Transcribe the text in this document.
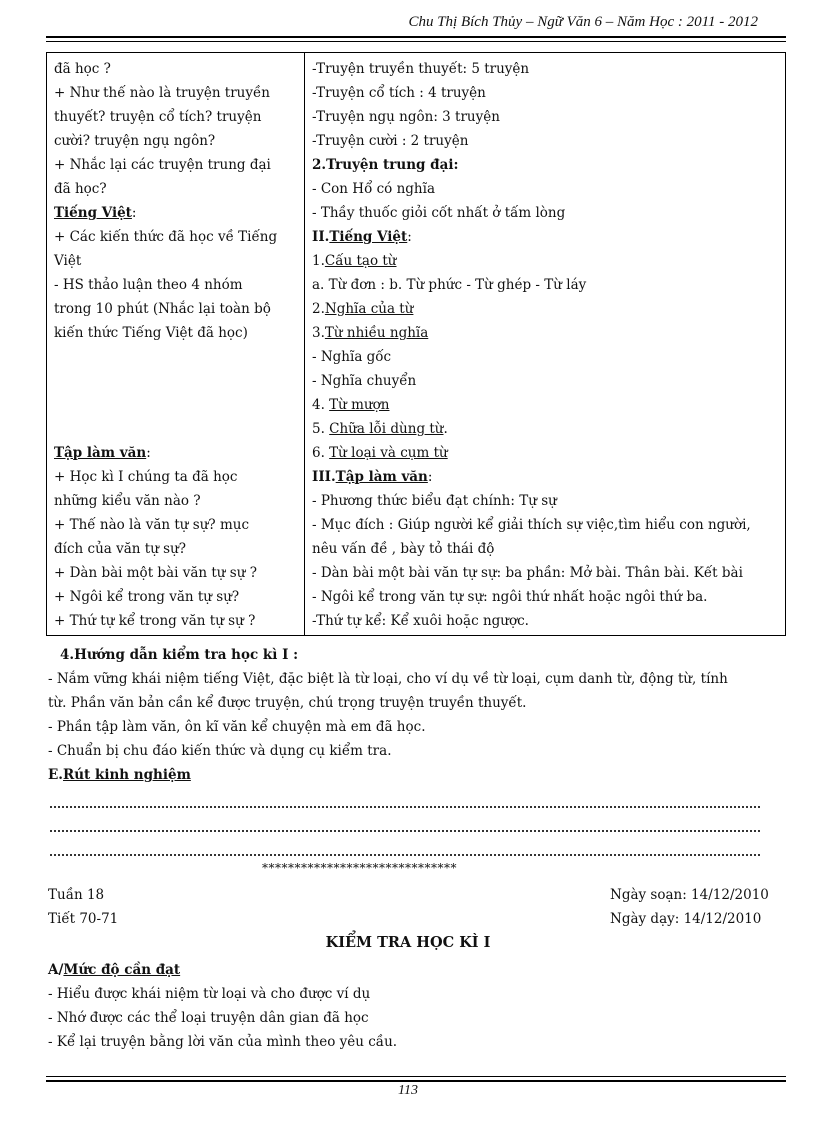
Chu Thị Bích Thủy – Ngữ Văn 6 – Năm Học : 2011 - 2012
đã học ?
+ Như thế nào là truyện truyền
thuyết? truyện cổ tích? truyện
cười? truyện ngụ ngôn?
+ Nhắc lại các truyện trung đại
đã học?
Tiếng Việt:
+ Các kiến thức đã học về Tiếng
Việt
- HS thảo luận theo 4 nhóm
trong 10 phút (Nhắc lại toàn bộ
kiến thức Tiếng Việt đã học)
Tập làm văn:
+ Học kì I chúng ta đã học
những kiểu văn nào ?
+ Thế nào là văn tự sự? mục
đích của văn tự sự?
+ Dàn bài một bài văn tự sự ?
+ Ngôi kể trong văn tự sự?
+ Thứ tự kể trong văn tự sự ?

-Truyện truyền thuyết: 5 truyện
-Truyện cổ tích : 4 truyện
-Truyện ngụ ngôn: 3 truyện
-Truyện cười : 2 truyện
2.Truyện trung đại:
- Con Hổ có nghĩa
- Thầy thuốc giỏi cốt nhất ở tấm lòng
II.Tiếng Việt:
1.Cấu tạo từ
a. Từ đơn : b. Từ phức - Từ ghép - Từ láy
2.Nghĩa của từ
3.Từ nhiều nghĩa
- Nghĩa gốc
- Nghĩa chuyển
4. Từ mượn
5. Chữa lỗi dùng từ.
6. Từ loại và cụm từ
III.Tập làm văn:
- Phương thức biểu đạt chính: Tự sự
- Mục đích : Giúp người kể giải thích sự việc,tìm hiểu con người,
nêu vấn đề , bày tỏ thái độ
- Dàn bài một bài văn tự sự: ba phần: Mở bài. Thân bài. Kết bài
- Ngôi kể trong văn tự sự: ngôi thứ nhất hoặc ngôi thứ ba.
-Thứ tự kể: Kể xuôi hoặc ngược.
4.Hướng dẫn kiểm tra học kì I :
- Nắm vững khái niệm tiếng Việt, đặc biệt là từ loại, cho ví dụ về từ loại, cụm danh từ, động từ, tính
từ. Phần văn bản cần kể được truyện, chú trọng truyện truyền thuyết.
- Phần tập làm văn, ôn kĩ văn kể chuyện mà em đã học.
- Chuẩn bị chu đáo kiến thức và dụng cụ kiểm tra.
E.Rút kinh nghiệm
******************************
Tuần 18
Tiết 70-71
Ngày soạn: 14/12/2010
Ngày dạy: 14/12/2010
KIỂM TRA HỌC KÌ I
A/Mức độ cần đạt
- Hiểu được khái niệm từ loại và cho được ví dụ
- Nhớ được các thể loại truyện dân gian đã học
- Kể lại truyện bằng lời văn của mình theo yêu cầu.
113
